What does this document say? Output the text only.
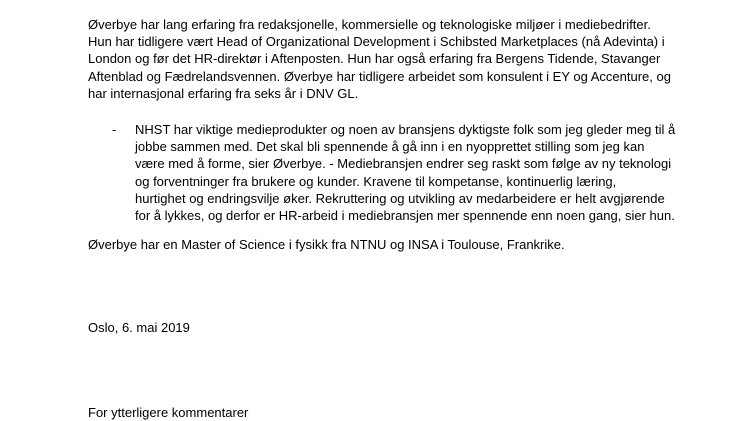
Øverbye har lang erfaring fra redaksjonelle, kommersielle og teknologiske miljøer i mediebedrifter.
Hun har tidligere vært Head of Organizational Development i Schibsted Marketplaces (nå Adevinta) i
London og før det HR-direktør i Aftenposten. Hun har også erfaring fra Bergens Tidende, Stavanger
Aftenblad og Fædrelandsvennen. Øverbye har tidligere arbeidet som konsulent i EY og Accenture, og
har internasjonal erfaring fra seks år i DNV GL.
- NHST har viktige medieprodukter og noen av bransjens dyktigste folk som jeg gleder meg til å
jobbe sammen med. Det skal bli spennende å gå inn i en nyopprettet stilling som jeg kan
være med å forme, sier Øverbye. - Mediebransjen endrer seg raskt som følge av ny teknologi
og forventninger fra brukere og kunder. Kravene til kompetanse, kontinuerlig læring,
hurtighet og endringsvilje øker. Rekruttering og utvikling av medarbeidere er helt avgjørende
for å lykkes, og derfor er HR-arbeid i mediebransjen mer spennende enn noen gang, sier hun.
Øverbye har en Master of Science i fysikk fra NTNU og INSA i Toulouse, Frankrike.
Oslo, 6. mai 2019
For ytterligere kommentarer
